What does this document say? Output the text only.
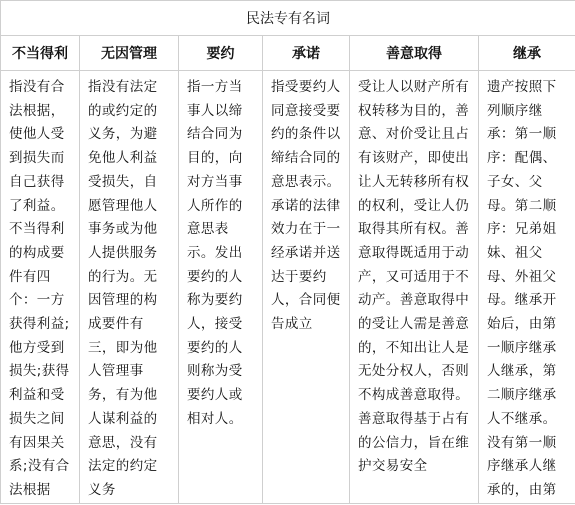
民法专有名词					
不当得利	无因管理	要约	承诺	善意取得	继承

指没有合法根据，使他人受到损失而自己获得了利益。不当得利的构成要件有四个：一方获得利益;他方受到损失;获得利益和受损失之间有因果关系;没有合法根据	指没有法定的或约定的义务，为避免他人利益受损失，自愿管理他人事务或为他人提供服务的行为。无因管理的构成要件有三，即为他人管理事务，有为他人谋利益的意思，没有法定的约定义务	指一方当事人以缔结合同为目的，向对方当事人所作的意思表示。发出要约的人称为要约人，接受要约的人则称为受要约人或相对人。	指受要约人同意接受要约的条件以缔结合同的意思表示。承诺的法律效力在于一经承诺并送达于要约人，合同便告成立	受让人以财产所有权转移为目的，善意、对价受让且占有该财产，即使出让人无转移所有权的权利，受让人仍取得其所有权。善意取得既适用于动产，又可适用于不动产。善意取得中的受让人需是善意的，不知出让人是无处分权人，否则不构成善意取得。善意取得基于占有的公信力，旨在维护交易安全	遗产按照下列顺序继承：第一顺序：配偶、子女、父母。第二顺序：兄弟姐妹、祖父母、外祖父母。继承开始后，由第一顺序继承人继承，第二顺序继承人不继承。没有第一顺序继承人继承的，由第
